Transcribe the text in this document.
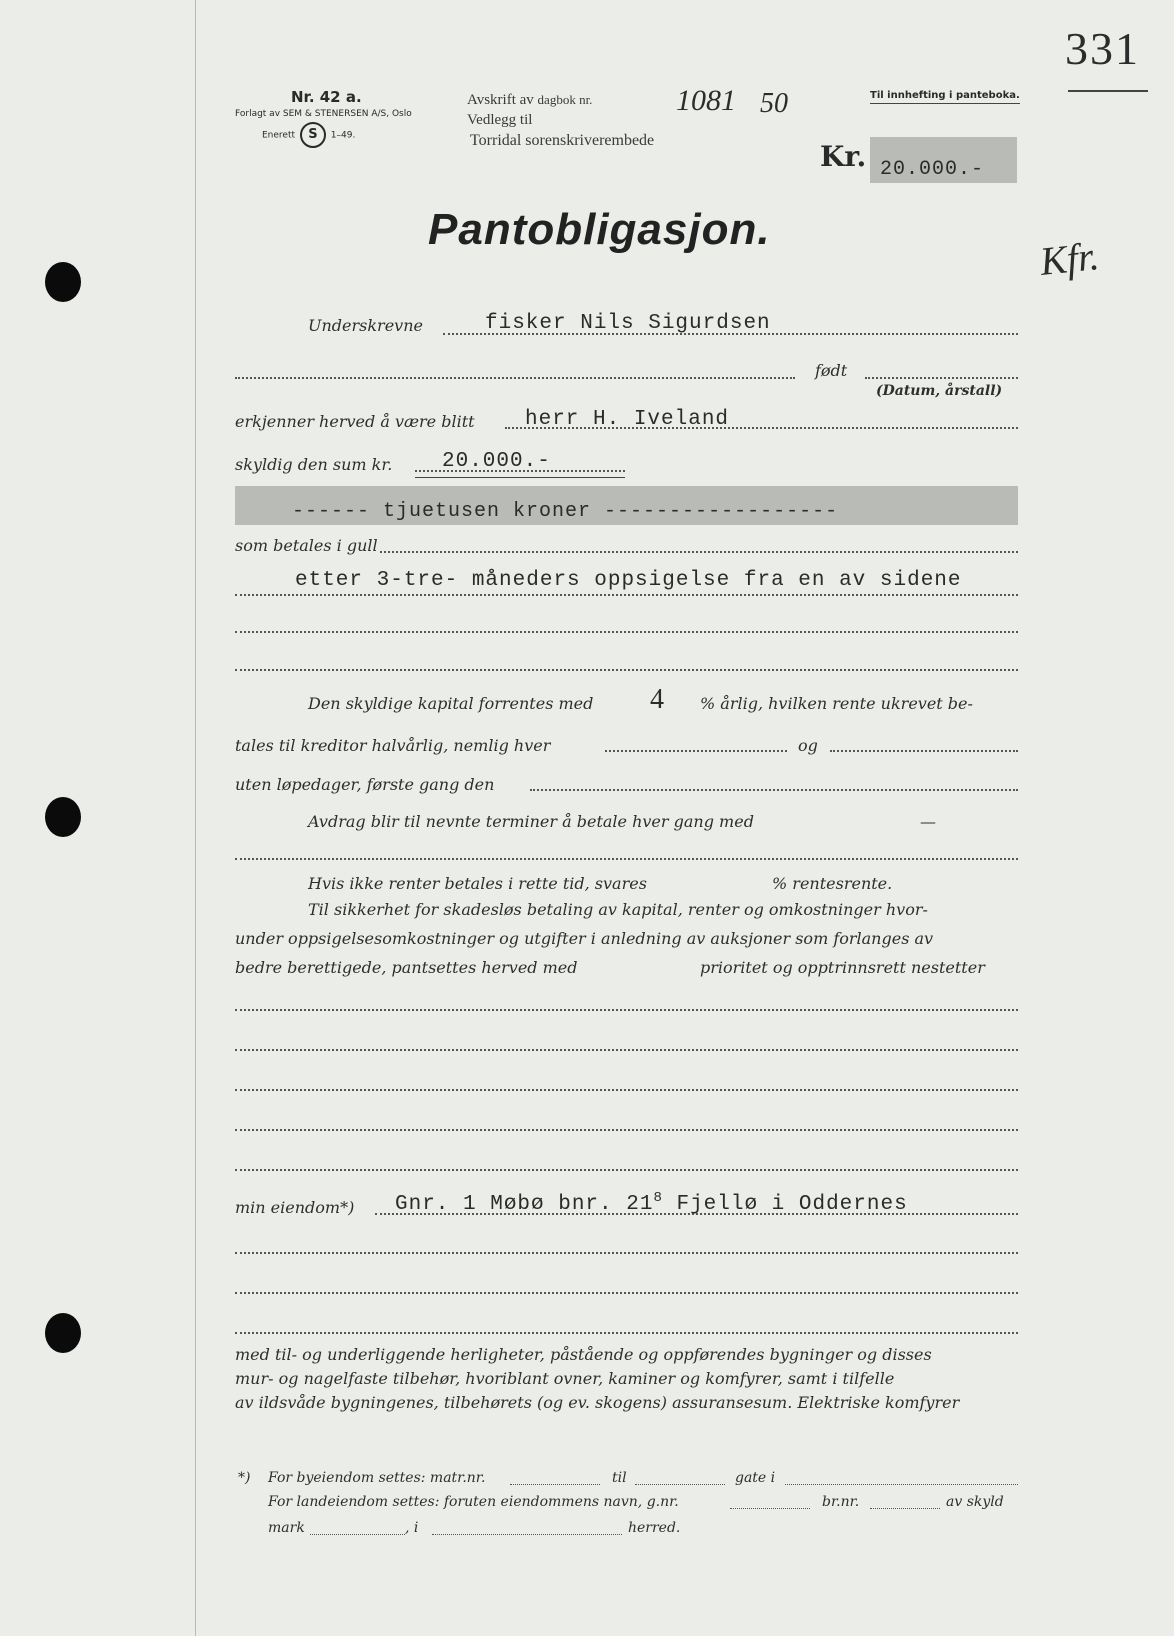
331
Nr. 42 a.
Forlagt av SEM & STENERSEN A/S, Oslo
Enerett S 1–49.
Avskrift av dagbok nr.
Vedlegg til
Torridal sorenskriverembede
1081 50	Til innhefting i panteboka.
Kr. 20.000.-
Pantobligasjon.
Kfr.
Underskrevne	fisker Nils Sigurdsen
født
(Datum, årstall)
erkjenner herved å være blitt herr H. Iveland
skyldig den sum kr. 20.000.-
------ tjuetusen kroner ------------------
som betales i gull
etter 3-tre- måneders oppsigelse fra en av sidene
Den skyldige kapital forrentes med 4 % årlig, hvilken rente ukrevet be-
tales til kreditor halvårlig, nemlig hver	og
uten løpedager, første gang den
Avdrag blir til nevnte terminer å betale hver gang med	—
Hvis ikke renter betales i rette tid, svares	% rentesrente.
Til sikkerhet for skadesløs betaling av kapital, renter og omkostninger hvor-
under oppsigelsesomkostninger og utgifter i anledning av auksjoner som forlanges av
bedre berettigede, pantsettes herved med	prioritet og opptrinnsrett nestetter
min eiendom*) Gnr. 1 Møbø bnr. $21^8$ Fjellø i Oddernes
med til- og underliggende herligheter, påstående og oppførendes bygninger og disses
mur- og nagelfaste tilbehør, hvoriblant ovner, kaminer og komfyrer, samt i tilfelle
av ildsvåde bygningenes, tilbehørets (og ev. skogens) assuransesum. Elektriske komfyrer
*) For byeiendom settes: matr.nr.	til	gate i
For landeiendom settes: foruten eiendommens navn, g.nr.	br.nr.	av skyld
mark	, i	herred.
